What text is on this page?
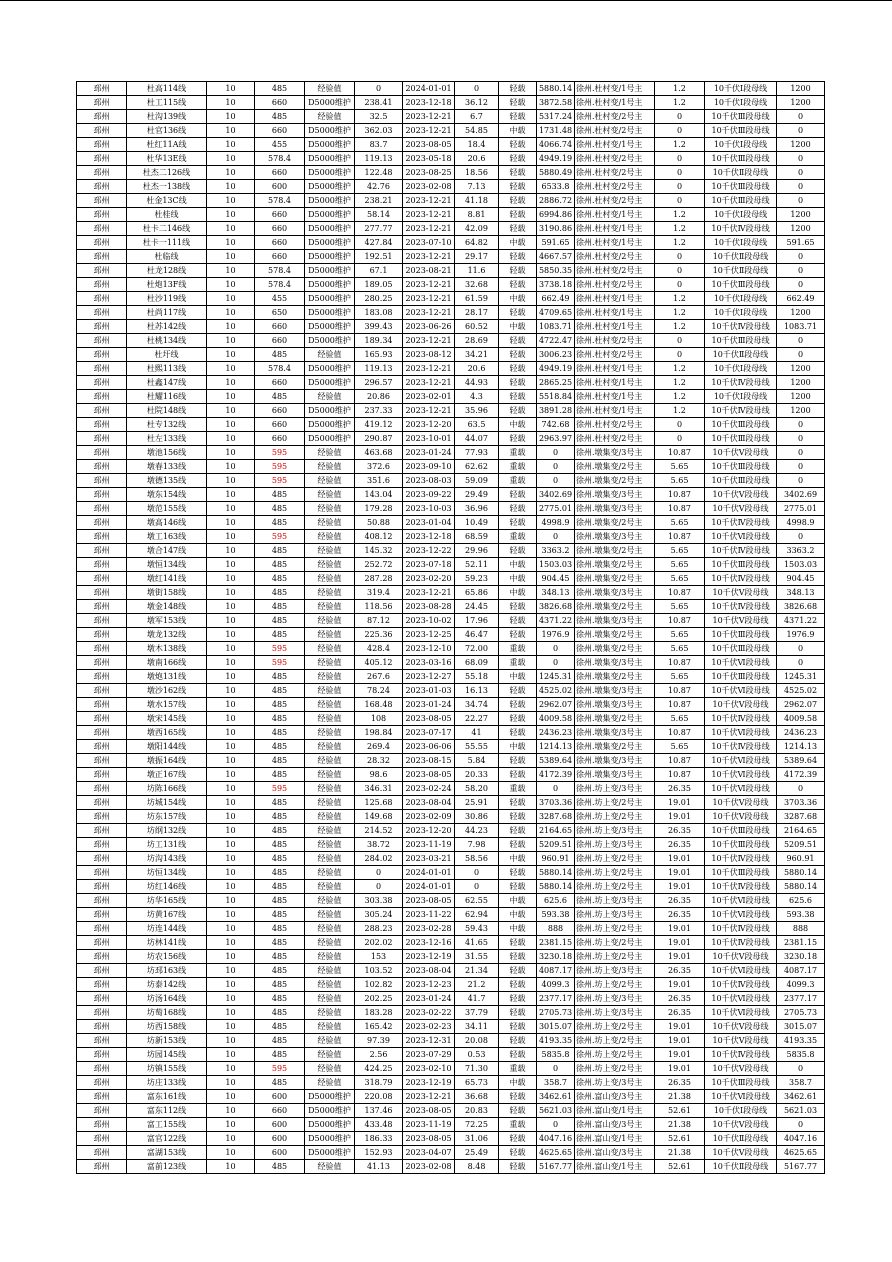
邳州	杜高114线	10	485	经验值	0	2024-01-01	0	轻载	5880.14	徐州.杜村变/1号主	1.2	10千伏Ⅰ段母线	1200
邳州	杜工115线	10	660	D5000维护	238.41	2023-12-18	36.12	轻载	3872.58	徐州.杜村变/1号主	1.2	10千伏Ⅰ段母线	1200
邳州	杜沟139线	10	485	经验值	32.5	2023-12-21	6.7	轻载	5317.24	徐州.杜村变/2号主	0	10千伏Ⅲ段母线	0
邳州	杜官136线	10	660	D5000维护	362.03	2023-12-21	54.85	中载	1731.48	徐州.杜村变/2号主	0	10千伏Ⅲ段母线	0
邳州	杜红11A线	10	455	D5000维护	83.7	2023-08-05	18.4	轻载	4066.74	徐州.杜村变/1号主	1.2	10千伏Ⅰ段母线	1200
邳州	杜华13E线	10	578.4	D5000维护	119.13	2023-05-18	20.6	轻载	4949.19	徐州.杜村变/2号主	0	10千伏Ⅲ段母线	0
邳州	杜杰二126线	10	660	D5000维护	122.48	2023-08-25	18.56	轻载	5880.49	徐州.杜村变/2号主	0	10千伏Ⅱ段母线	0
邳州	杜杰一138线	10	600	D5000维护	42.76	2023-02-08	7.13	轻载	6533.8	徐州.杜村变/2号主	0	10千伏Ⅲ段母线	0
邳州	杜金13C线	10	578.4	D5000维护	238.21	2023-12-21	41.18	轻载	2886.72	徐州.杜村变/2号主	0	10千伏Ⅲ段母线	0
邳州	杜桂线	10	660	D5000维护	58.14	2023-12-21	8.81	轻载	6994.86	徐州.杜村变/1号主	1.2	10千伏Ⅰ段母线	1200
邳州	杜卡二146线	10	660	D5000维护	277.77	2023-12-21	42.09	轻载	3190.86	徐州.杜村变/1号主	1.2	10千伏Ⅳ段母线	1200
邳州	杜卡一111线	10	660	D5000维护	427.84	2023-07-10	64.82	中载	591.65	徐州.杜村变/1号主	1.2	10千伏Ⅰ段母线	591.65
邳州	杜临线	10	660	D5000维护	192.51	2023-12-21	29.17	轻载	4667.57	徐州.杜村变/2号主	0	10千伏Ⅱ段母线	0
邳州	杜龙128线	10	578.4	D5000维护	67.1	2023-08-21	11.6	轻载	5850.35	徐州.杜村变/2号主	0	10千伏Ⅱ段母线	0
邳州	杜炮13F线	10	578.4	D5000维护	189.05	2023-12-21	32.68	轻载	3738.18	徐州.杜村变/2号主	0	10千伏Ⅲ段母线	0
邳州	杜沙119线	10	455	D5000维护	280.25	2023-12-21	61.59	中载	662.49	徐州.杜村变/1号主	1.2	10千伏Ⅰ段母线	662.49
邳州	杜尚117线	10	650	D5000维护	183.08	2023-12-21	28.17	轻载	4709.65	徐州.杜村变/1号主	1.2	10千伏Ⅰ段母线	1200
邳州	杜苏142线	10	660	D5000维护	399.43	2023-06-26	60.52	中载	1083.71	徐州.杜村变/1号主	1.2	10千伏Ⅳ段母线	1083.71
邳州	杜桃134线	10	660	D5000维护	189.34	2023-12-21	28.69	轻载	4722.47	徐州.杜村变/2号主	0	10千伏Ⅲ段母线	0
邳州	杜圩线	10	485	经验值	165.93	2023-08-12	34.21	轻载	3006.23	徐州.杜村变/2号主	0	10千伏Ⅱ段母线	0
邳州	杜熙113线	10	578.4	D5000维护	119.13	2023-12-21	20.6	轻载	4949.19	徐州.杜村变/1号主	1.2	10千伏Ⅰ段母线	1200
邳州	杜鑫147线	10	660	D5000维护	296.57	2023-12-21	44.93	轻载	2865.25	徐州.杜村变/1号主	1.2	10千伏Ⅳ段母线	1200
邳州	杜耀116线	10	485	经验值	20.86	2023-02-01	4.3	轻载	5518.84	徐州.杜村变/1号主	1.2	10千伏Ⅰ段母线	1200
邳州	杜院148线	10	660	D5000维护	237.33	2023-12-21	35.96	轻载	3891.28	徐州.杜村变/1号主	1.2	10千伏Ⅳ段母线	1200
邳州	杜专132线	10	660	D5000维护	419.12	2023-12-20	63.5	中载	742.68	徐州.杜村变/2号主	0	10千伏Ⅲ段母线	0
邳州	杜左133线	10	660	D5000维护	290.87	2023-10-01	44.07	轻载	2963.97	徐州.杜村变/2号主	0	10千伏Ⅲ段母线	0
邳州	墩池156线	10	595	经验值	463.68	2023-01-24	77.93	重载	0	徐州.墩集变/3号主	10.87	10千伏Ⅴ段母线	0
邳州	墩春133线	10	595	经验值	372.6	2023-09-10	62.62	重载	0	徐州.墩集变/2号主	5.65	10千伏Ⅲ段母线	0
邳州	墩德135线	10	595	经验值	351.6	2023-08-03	59.09	重载	0	徐州.墩集变/2号主	5.65	10千伏Ⅲ段母线	0
邳州	墩东154线	10	485	经验值	143.04	2023-09-22	29.49	轻载	3402.69	徐州.墩集变/3号主	10.87	10千伏Ⅴ段母线	3402.69
邳州	墩范155线	10	485	经验值	179.28	2023-10-03	36.96	轻载	2775.01	徐州.墩集变/3号主	10.87	10千伏Ⅴ段母线	2775.01
邳州	墩高146线	10	485	经验值	50.88	2023-01-04	10.49	轻载	4998.9	徐州.墩集变/2号主	5.65	10千伏Ⅳ段母线	4998.9
邳州	墩工163线	10	595	经验值	408.12	2023-12-18	68.59	重载	0	徐州.墩集变/3号主	10.87	10千伏Ⅵ段母线	0
邳州	墩合147线	10	485	经验值	145.32	2023-12-22	29.96	轻载	3363.2	徐州.墩集变/2号主	5.65	10千伏Ⅳ段母线	3363.2
邳州	墩恒134线	10	485	经验值	252.72	2023-07-18	52.11	中载	1503.03	徐州.墩集变/2号主	5.65	10千伏Ⅲ段母线	1503.03
邳州	墩红141线	10	485	经验值	287.28	2023-02-20	59.23	中载	904.45	徐州.墩集变/2号主	5.65	10千伏Ⅳ段母线	904.45
邳州	墩街158线	10	485	经验值	319.4	2023-12-21	65.86	中载	348.13	徐州.墩集变/3号主	10.87	10千伏Ⅴ段母线	348.13
邳州	墩金148线	10	485	经验值	118.56	2023-08-28	24.45	轻载	3826.68	徐州.墩集变/2号主	5.65	10千伏Ⅳ段母线	3826.68
邳州	墩军153线	10	485	经验值	87.12	2023-10-02	17.96	轻载	4371.22	徐州.墩集变/3号主	10.87	10千伏Ⅴ段母线	4371.22
邳州	墩龙132线	10	485	经验值	225.36	2023-12-25	46.47	轻载	1976.9	徐州.墩集变/2号主	5.65	10千伏Ⅲ段母线	1976.9
邳州	墩木138线	10	595	经验值	428.4	2023-12-10	72.00	重载	0	徐州.墩集变/2号主	5.65	10千伏Ⅲ段母线	0
邳州	墩南166线	10	595	经验值	405.12	2023-03-16	68.09	重载	0	徐州.墩集变/3号主	10.87	10千伏Ⅵ段母线	0
邳州	墩炮131线	10	485	经验值	267.6	2023-12-27	55.18	中载	1245.31	徐州.墩集变/2号主	5.65	10千伏Ⅲ段母线	1245.31
邳州	墩沙162线	10	485	经验值	78.24	2023-01-03	16.13	轻载	4525.02	徐州.墩集变/3号主	10.87	10千伏Ⅵ段母线	4525.02
邳州	墩水157线	10	485	经验值	168.48	2023-01-24	34.74	轻载	2962.07	徐州.墩集变/3号主	10.87	10千伏Ⅴ段母线	2962.07
邳州	墩宋145线	10	485	经验值	108	2023-08-05	22.27	轻载	4009.58	徐州.墩集变/2号主	5.65	10千伏Ⅳ段母线	4009.58
邳州	墩西165线	10	485	经验值	198.84	2023-07-17	41	轻载	2436.23	徐州.墩集变/3号主	10.87	10千伏Ⅵ段母线	2436.23
邳州	墩阳144线	10	485	经验值	269.4	2023-06-06	55.55	中载	1214.13	徐州.墩集变/2号主	5.65	10千伏Ⅳ段母线	1214.13
邳州	墩振164线	10	485	经验值	28.32	2023-08-15	5.84	轻载	5389.64	徐州.墩集变/3号主	10.87	10千伏Ⅵ段母线	5389.64
邳州	墩正167线	10	485	经验值	98.6	2023-08-05	20.33	轻载	4172.39	徐州.墩集变/3号主	10.87	10千伏Ⅵ段母线	4172.39
邳州	坊陈166线	10	595	经验值	346.31	2023-02-24	58.20	重载	0	徐州.坊上变/3号主	26.35	10千伏Ⅵ段母线	0
邳州	坊城154线	10	485	经验值	125.68	2023-08-04	25.91	轻载	3703.36	徐州.坊上变/2号主	19.01	10千伏Ⅴ段母线	3703.36
邳州	坊东157线	10	485	经验值	149.68	2023-02-09	30.86	轻载	3287.68	徐州.坊上变/2号主	19.01	10千伏Ⅴ段母线	3287.68
邳州	坊纲132线	10	485	经验值	214.52	2023-12-20	44.23	轻载	2164.65	徐州.坊上变/3号主	26.35	10千伏Ⅲ段母线	2164.65
邳州	坊工131线	10	485	经验值	38.72	2023-11-19	7.98	轻载	5209.51	徐州.坊上变/3号主	26.35	10千伏Ⅲ段母线	5209.51
邳州	坊沟143线	10	485	经验值	284.02	2023-03-21	58.56	中载	960.91	徐州.坊上变/2号主	19.01	10千伏Ⅳ段母线	960.91
邳州	坊恒134线	10	485	经验值	0	2024-01-01	0	轻载	5880.14	徐州.坊上变/2号主	19.01	10千伏Ⅲ段母线	5880.14
邳州	坊红146线	10	485	经验值	0	2024-01-01	0	轻载	5880.14	徐州.坊上变/2号主	19.01	10千伏Ⅳ段母线	5880.14
邳州	坊华165线	10	485	经验值	303.38	2023-08-05	62.55	中载	625.6	徐州.坊上变/3号主	26.35	10千伏Ⅵ段母线	625.6
邳州	坊黄167线	10	485	经验值	305.24	2023-11-22	62.94	中载	593.38	徐州.坊上变/3号主	26.35	10千伏Ⅵ段母线	593.38
邳州	坊连144线	10	485	经验值	288.23	2023-02-28	59.43	中载	888	徐州.坊上变/2号主	19.01	10千伏Ⅳ段母线	888
邳州	坊林141线	10	485	经验值	202.02	2023-12-16	41.65	轻载	2381.15	徐州.坊上变/2号主	19.01	10千伏Ⅳ段母线	2381.15
邳州	坊农156线	10	485	经验值	153	2023-12-19	31.55	轻载	3230.18	徐州.坊上变/2号主	19.01	10千伏Ⅴ段母线	3230.18
邳州	坊邳163线	10	485	经验值	103.52	2023-08-04	21.34	轻载	4087.17	徐州.坊上变/3号主	26.35	10千伏Ⅵ段母线	4087.17
邳州	坊泰142线	10	485	经验值	102.82	2023-12-23	21.2	轻载	4099.3	徐州.坊上变/2号主	19.01	10千伏Ⅳ段母线	4099.3
邳州	坊汤164线	10	485	经验值	202.25	2023-01-24	41.7	轻载	2377.17	徐州.坊上变/3号主	26.35	10千伏Ⅵ段母线	2377.17
邳州	坊萄168线	10	485	经验值	183.28	2023-02-22	37.79	轻载	2705.73	徐州.坊上变/3号主	26.35	10千伏Ⅵ段母线	2705.73
邳州	坊西158线	10	485	经验值	165.42	2023-02-23	34.11	轻载	3015.07	徐州.坊上变/2号主	19.01	10千伏Ⅴ段母线	3015.07
邳州	坊新153线	10	485	经验值	97.39	2023-12-31	20.08	轻载	4193.35	徐州.坊上变/2号主	19.01	10千伏Ⅴ段母线	4193.35
邳州	坊园145线	10	485	经验值	2.56	2023-07-29	0.53	轻载	5835.8	徐州.坊上变/2号主	19.01	10千伏Ⅳ段母线	5835.8
邳州	坊镇155线	10	595	经验值	424.25	2023-02-10	71.30	重载	0	徐州.坊上变/2号主	19.01	10千伏Ⅴ段母线	0
邳州	坊庄133线	10	485	经验值	318.79	2023-12-19	65.73	中载	358.7	徐州.坊上变/3号主	26.35	10千伏Ⅲ段母线	358.7
邳州	富东161线	10	600	D5000维护	220.08	2023-12-21	36.68	轻载	3462.61	徐州.富山变/3号主	21.38	10千伏Ⅵ段母线	3462.61
邳州	富东112线	10	660	D5000维护	137.46	2023-08-05	20.83	轻载	5621.03	徐州.富山变/1号主	52.61	10千伏Ⅰ段母线	5621.03
邳州	富工155线	10	600	D5000维护	433.48	2023-11-19	72.25	重载	0	徐州.富山变/3号主	21.38	10千伏Ⅴ段母线	0
邳州	富官122线	10	600	D5000维护	186.33	2023-08-05	31.06	轻载	4047.16	徐州.富山变/1号主	52.61	10千伏Ⅱ段母线	4047.16
邳州	富湖153线	10	600	D5000维护	152.93	2023-04-07	25.49	轻载	4625.65	徐州.富山变/3号主	21.38	10千伏Ⅴ段母线	4625.65
邳州	富前123线	10	485	经验值	41.13	2023-02-08	8.48	轻载	5167.77	徐州.富山变/1号主	52.61	10千伏Ⅱ段母线	5167.77
